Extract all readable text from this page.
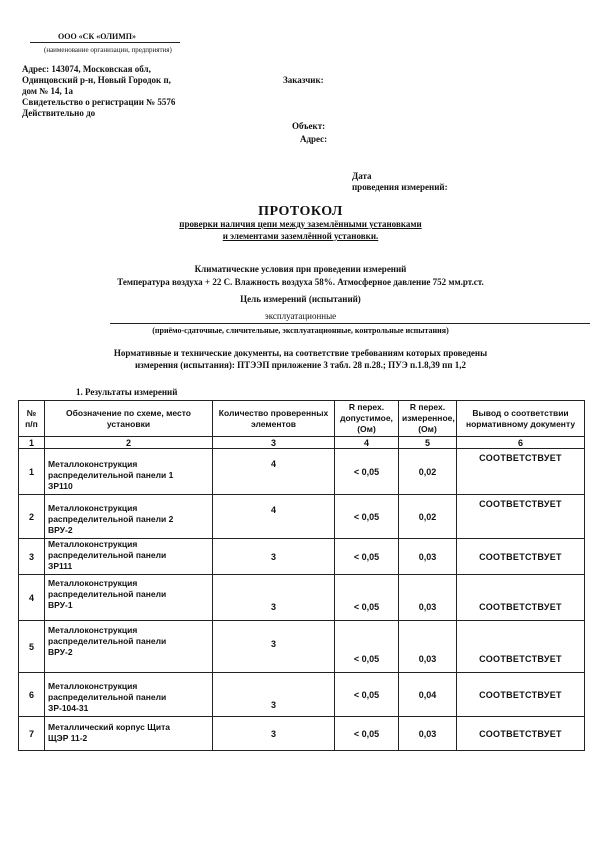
ООО «СК «ОЛИМП»
(наименование организации, предприятия)
Адрес: 143074, Московская обл,
Одинцовский р-н, Новый Городок п,
дом № 14, 1а
Свидетельство о регистрации № 5576
Действительно до
Заказчик:
Объект:
Адрес:
Дата
проведения измерений:
ПРОТОКОЛ
проверки наличия цепи между заземлёнными установками
и элементами заземлённой установки.
Климатические условия при проведении измерений
Температура воздуха + 22 С. Влажность воздуха 58%. Атмосферное давление 752 мм.рт.ст.
Цель измерений (испытаний)
эксплуатационные
(приёмо-сдаточные, сличительные, эксплуатационные, контрольные испытания)
Нормативные и технические документы, на соответствие требованиям которых проведены
измерения (испытания): ПТЭЭП приложение 3 табл. 28 п.28.; ПУЭ п.1.8,39 пп 1,2
1. Результаты измерений
№ п/п	Обозначение по схеме, место установки	Количество проверенных элементов	R перех. допустимое, (Ом)	R перех. измеренное, (Ом)	Вывод о соответствии нормативному документу
1	2	3	4	5	6
1	Металлоконструкция
распределительной панели 1
ЗР110	4	< 0,05	0,02	СООТВЕТСТВУЕТ
2	Металлоконструкция
распределительной панели 2
ВРУ-2	4	< 0,05	0,02	СООТВЕТСТВУЕТ
3	Металлоконструкция
распределительной панели
ЗР111	3	< 0,05	0,03	СООТВЕТСТВУЕТ
4	Металлоконструкция
распределительной панели
ВРУ-1	3	< 0,05	0,03	СООТВЕТСТВУЕТ
5	Металлоконструкция
распределительной панели
ВРУ-2	3	< 0,05	0,03	СООТВЕТСТВУЕТ
6	Металлоконструкция
распределительной панели
ЗР-104-31	3	< 0,05	0,04	СООТВЕТСТВУЕТ
7	Металлический корпус Щита
ЩЭР 11-2	3	< 0,05	0,03	СООТВЕТСТВУЕТ
